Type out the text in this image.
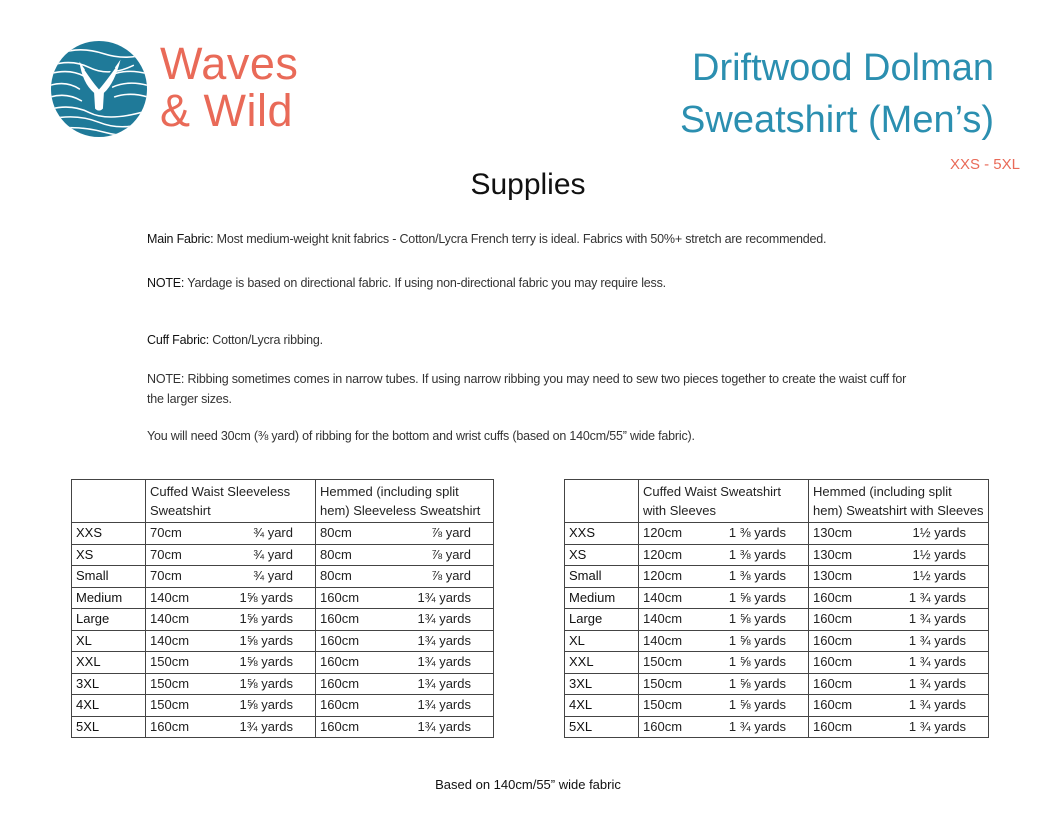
Waves
& Wild
Driftwood Dolman
Sweatshirt (Men’s)
XXS - 5XL
Supplies
Main Fabric: Most medium-weight knit fabrics - Cotton/Lycra French terry is ideal. Fabrics with 50%+ stretch are recommended.
NOTE: Yardage is based on directional fabric. If using non-directional fabric you may require less.
Cuff Fabric: Cotton/Lycra ribbing.
NOTE: Ribbing sometimes comes in narrow tubes. If using narrow ribbing you may need to sew two pieces together to create the waist cuff for the larger sizes.
You will need 30cm (⅜ yard) of ribbing for the bottom and wrist cuffs (based on 140cm/55” wide fabric).
	Cuffed Waist Sleeveless Sweatshirt	Hemmed (including split hem) Sleeveless Sweatshirt
XXS	70cm ¾ yard	80cm ⅞ yard

XS	70cm ¾ yard	80cm ⅞ yard

Small	70cm ¾ yard	80cm ⅞ yard

Medium	140cm 1⅝ yards	160cm 1¾ yards

Large	140cm 1⅝ yards	160cm 1¾ yards

XL	140cm 1⅝ yards	160cm 1¾ yards

XXL	150cm 1⅝ yards	160cm 1¾ yards

3XL	150cm 1⅝ yards	160cm 1¾ yards

4XL	150cm 1⅝ yards	160cm 1¾ yards

5XL	160cm 1¾ yards	160cm 1¾ yards
	Cuffed Waist Sweatshirt with Sleeves	Hemmed (including split hem) Sweatshirt with Sleeves
XXS	120cm 1 ⅜ yards	130cm 1½ yards

XS	120cm 1 ⅜ yards	130cm 1½ yards

Small	120cm 1 ⅜ yards	130cm 1½ yards

Medium	140cm 1 ⅝ yards	160cm 1 ¾ yards

Large	140cm 1 ⅝ yards	160cm 1 ¾ yards

XL	140cm 1 ⅝ yards	160cm 1 ¾ yards

XXL	150cm 1 ⅝ yards	160cm 1 ¾ yards

3XL	150cm 1 ⅝ yards	160cm 1 ¾ yards

4XL	150cm 1 ⅝ yards	160cm 1 ¾ yards

5XL	160cm 1 ¾ yards	160cm 1 ¾ yards
Based on 140cm/55” wide fabric
